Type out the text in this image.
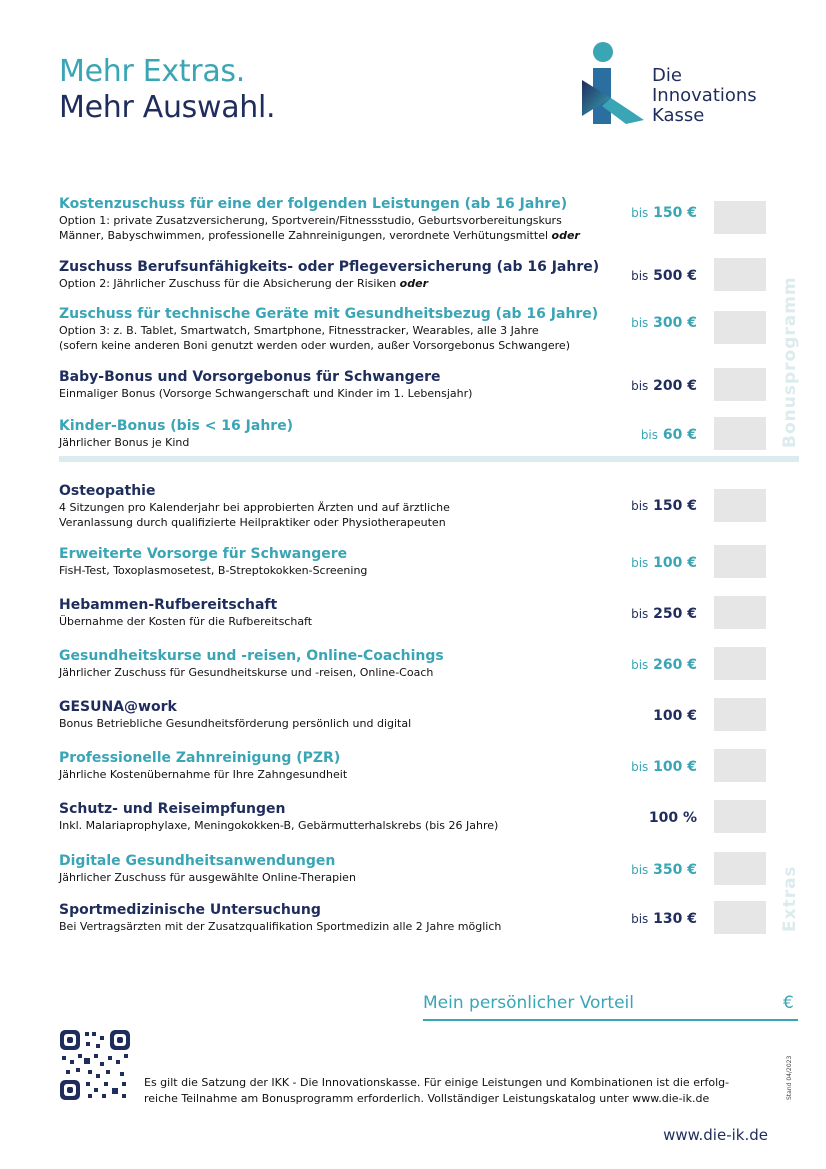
Mehr Extras.
Mehr Auswahl.
Die
Innovations
Kasse
Kostenzuschuss für eine der folgenden Leistungen (ab 16 Jahre)
Option 1: private Zusatzversicherung, Sportverein/Fitnessstudio, Geburtsvorbereitungskurs
Männer, Babyschwimmen, professionelle Zahnreinigungen, verordnete Verhütungsmittel oder
bis 150 €
Zuschuss Berufsunfähigkeits- oder Pflegeversicherung (ab 16 Jahre)
Option 2: Jährlicher Zuschuss für die Absicherung der Risiken oder
bis 500 €
Zuschuss für technische Geräte mit Gesundheitsbezug (ab 16 Jahre)
Option 3: z. B. Tablet, Smartwatch, Smartphone, Fitnesstracker, Wearables, alle 3 Jahre
(sofern keine anderen Boni genutzt werden oder wurden, außer Vorsorgebonus Schwangere)
bis 300 €
Baby-Bonus und Vorsorgebonus für Schwangere
Einmaliger Bonus (Vorsorge Schwangerschaft und Kinder im 1. Lebensjahr)
bis 200 €
Kinder-Bonus (bis < 16 Jahre)
Jährlicher Bonus je Kind
bis 60 €	Bonusprogramm
Osteopathie
4 Sitzungen pro Kalenderjahr bei approbierten Ärzten und auf ärztliche
Veranlassung durch qualifizierte Heilpraktiker oder Physiotherapeuten
bis 150 €
Erweiterte Vorsorge für Schwangere
FisH-Test, Toxoplasmosetest, B-Streptokokken-Screening
bis 100 €
Hebammen-Rufbereitschaft
Übernahme der Kosten für die Rufbereitschaft
bis 250 €
Gesundheitskurse und -reisen, Online-Coachings
Jährlicher Zuschuss für Gesundheitskurse und -reisen, Online-Coach
bis 260 €
GESUNA@work
Bonus Betriebliche Gesundheitsförderung persönlich und digital	100 €
Professionelle Zahnreinigung (PZR)
Jährliche Kostenübernahme für Ihre Zahngesundheit
bis 100 €
Schutz- und Reiseimpfungen
Inkl. Malariaprophylaxe, Meningokokken-B, Gebärmutterhalskrebs (bis 26 Jahre)	100 %
Digitale Gesundheitsanwendungen
Jährlicher Zuschuss für ausgewählte Online-Therapien
bis 350 €
Sportmedizinische Untersuchung
Bei Vertragsärzten mit der Zusatzqualifikation Sportmedizin alle 2 Jahre möglich
bis 130 €	Extras
Mein persönlicher Vorteil	€
Es gilt die Satzung der IKK - Die Innovationskasse. Für einige Leistungen und Kombinationen ist die erfolg-
reiche Teilnahme am Bonusprogramm erforderlich. Vollständiger Leistungskatalog unter www.die-ik.de	Stand 04/2023
www.die-ik.de
